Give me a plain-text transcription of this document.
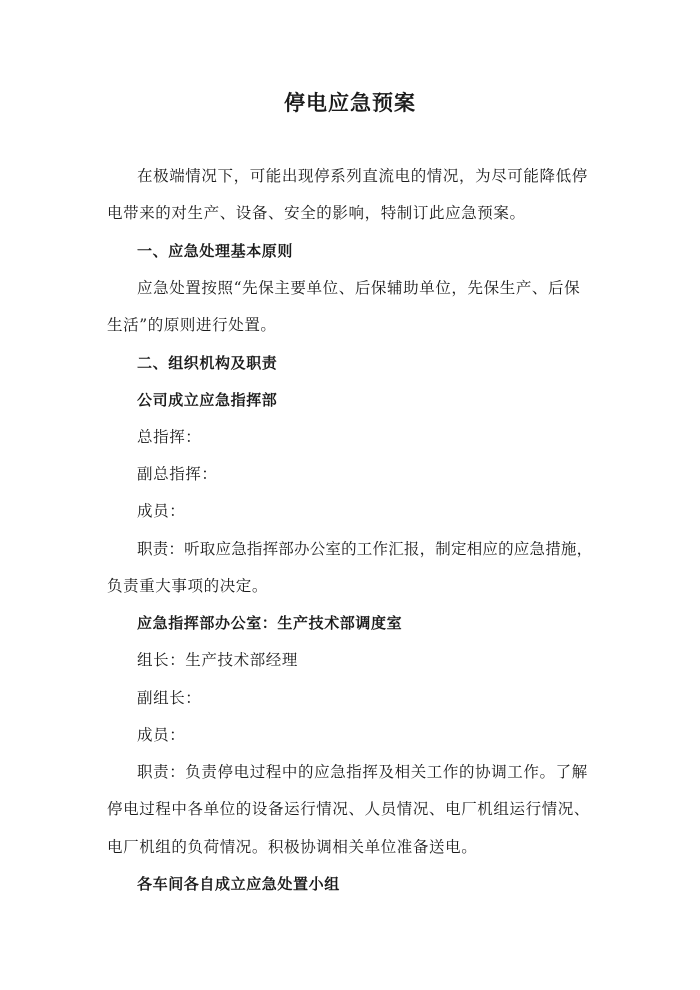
停电应急预案
在极端情况下，可能出现停系列直流电的情况，为尽可能降低停
电带来的对生产、设备、安全的影响，特制订此应急预案。
一、应急处理基本原则
应急处置按照“先保主要单位、后保辅助单位，先保生产、后保
生活”的原则进行处置。
二、组织机构及职责
公司成立应急指挥部
总指挥：
副总指挥：
成员：
职责：听取应急指挥部办公室的工作汇报，制定相应的应急措施，
负责重大事项的决定。
应急指挥部办公室：生产技术部调度室
组长：生产技术部经理
副组长：
成员：
职责：负责停电过程中的应急指挥及相关工作的协调工作。了解
停电过程中各单位的设备运行情况、人员情况、电厂机组运行情况、
电厂机组的负荷情况。积极协调相关单位准备送电。
各车间各自成立应急处置小组
